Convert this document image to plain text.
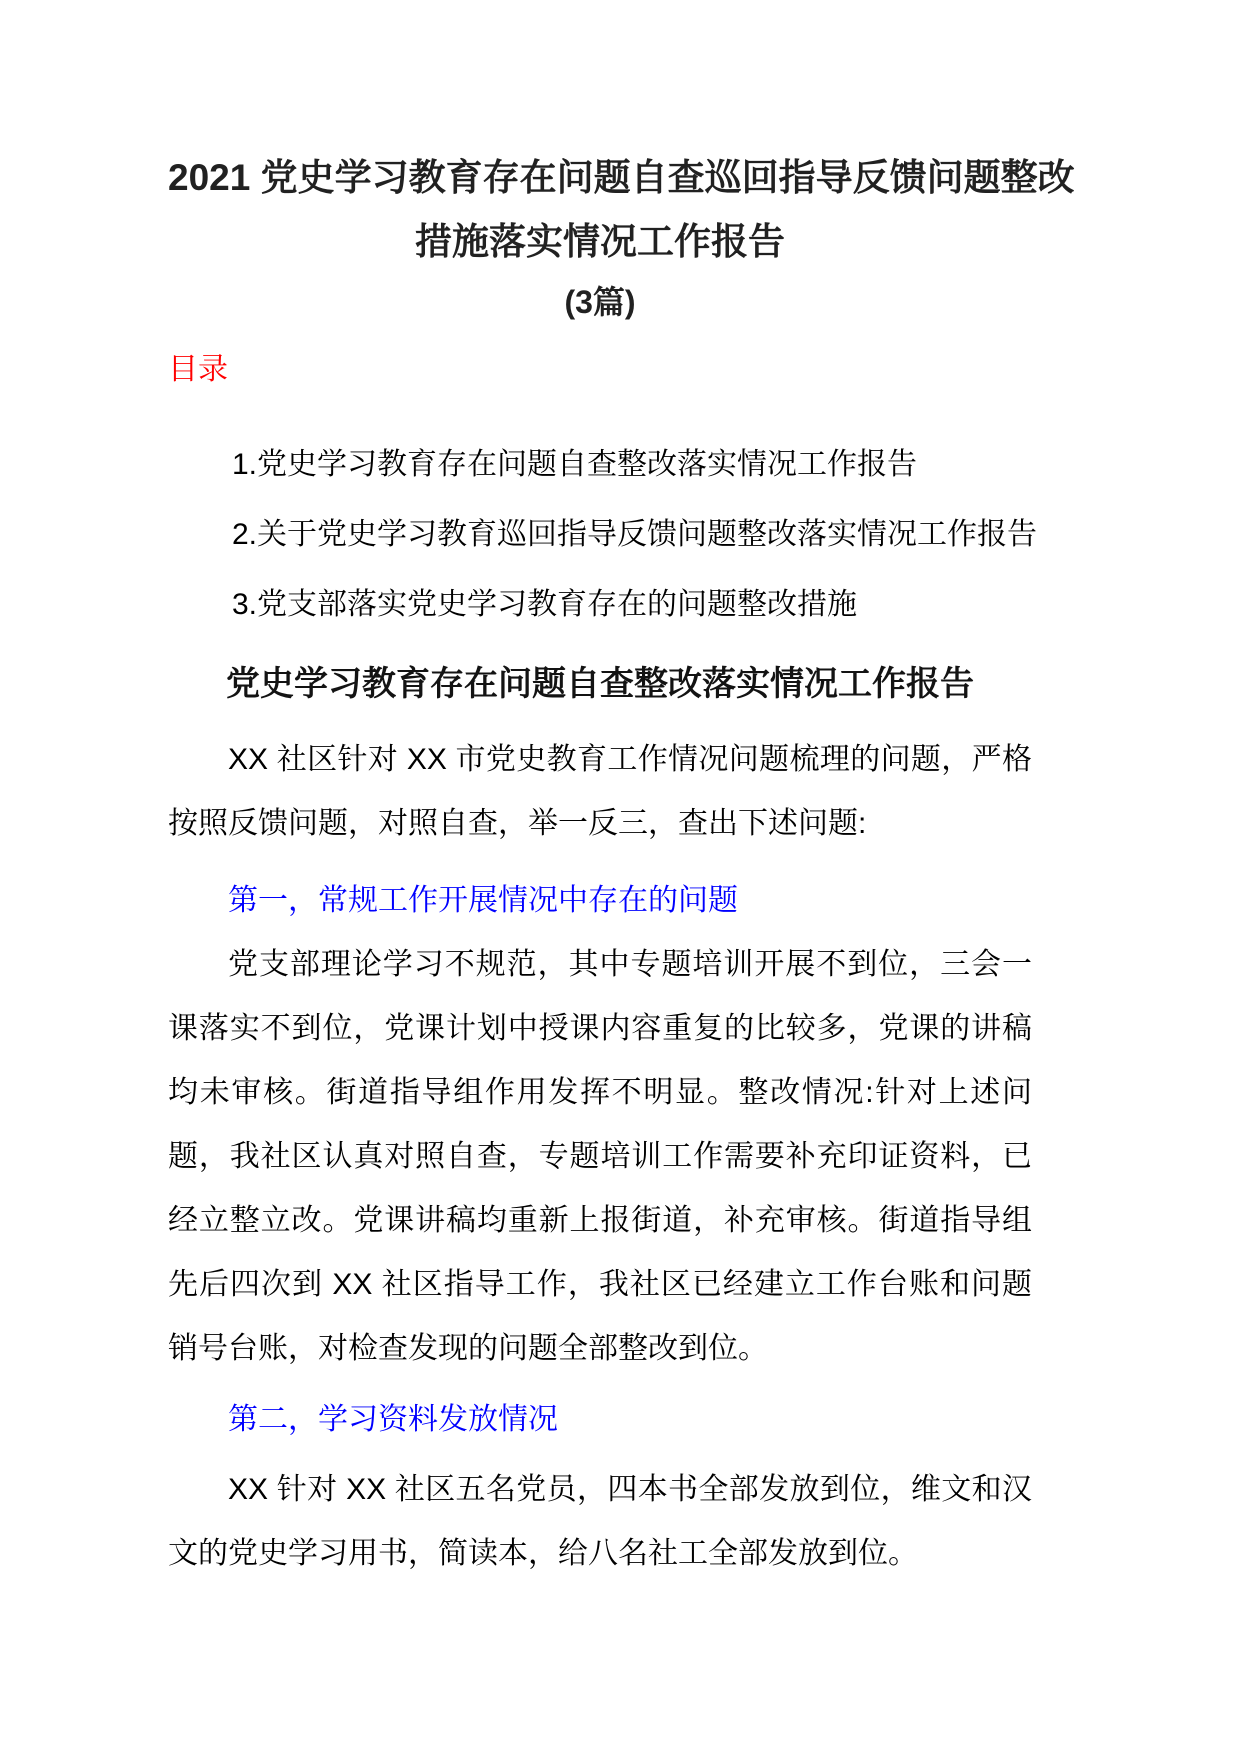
2021 党史学习教育存在问题自查巡回指导反馈问题整改
措施落实情况工作报告
(3篇)
目录
1.党史学习教育存在问题自查整改落实情况工作报告
2.关于党史学习教育巡回指导反馈问题整改落实情况工作报告
3.党支部落实党史学习教育存在的问题整改措施
党史学习教育存在问题自查整改落实情况工作报告

XX 社区针对 XX 市党史教育工作情况问题梳理的问题，严格按照反馈问题，对照自查，举一反三，查出下述问题:

第一，常规工作开展情况中存在的问题

党支部理论学习不规范，其中专题培训开展不到位，三会一课落实不到位，党课计划中授课内容重复的比较多，党课的讲稿均未审核。街道指导组作用发挥不明显。整改情况:针对上述问题，我社区认真对照自查，专题培训工作需要补充印证资料，已经立整立改。党课讲稿均重新上报街道，补充审核。街道指导组先后四次到 XX 社区指导工作，我社区已经建立工作台账和问题销号台账，对检查发现的问题全部整改到位。

第二，学习资料发放情况

XX 针对 XX 社区五名党员，四本书全部发放到位，维文和汉文的党史学习用书，简读本，给八名社工全部发放到位。
